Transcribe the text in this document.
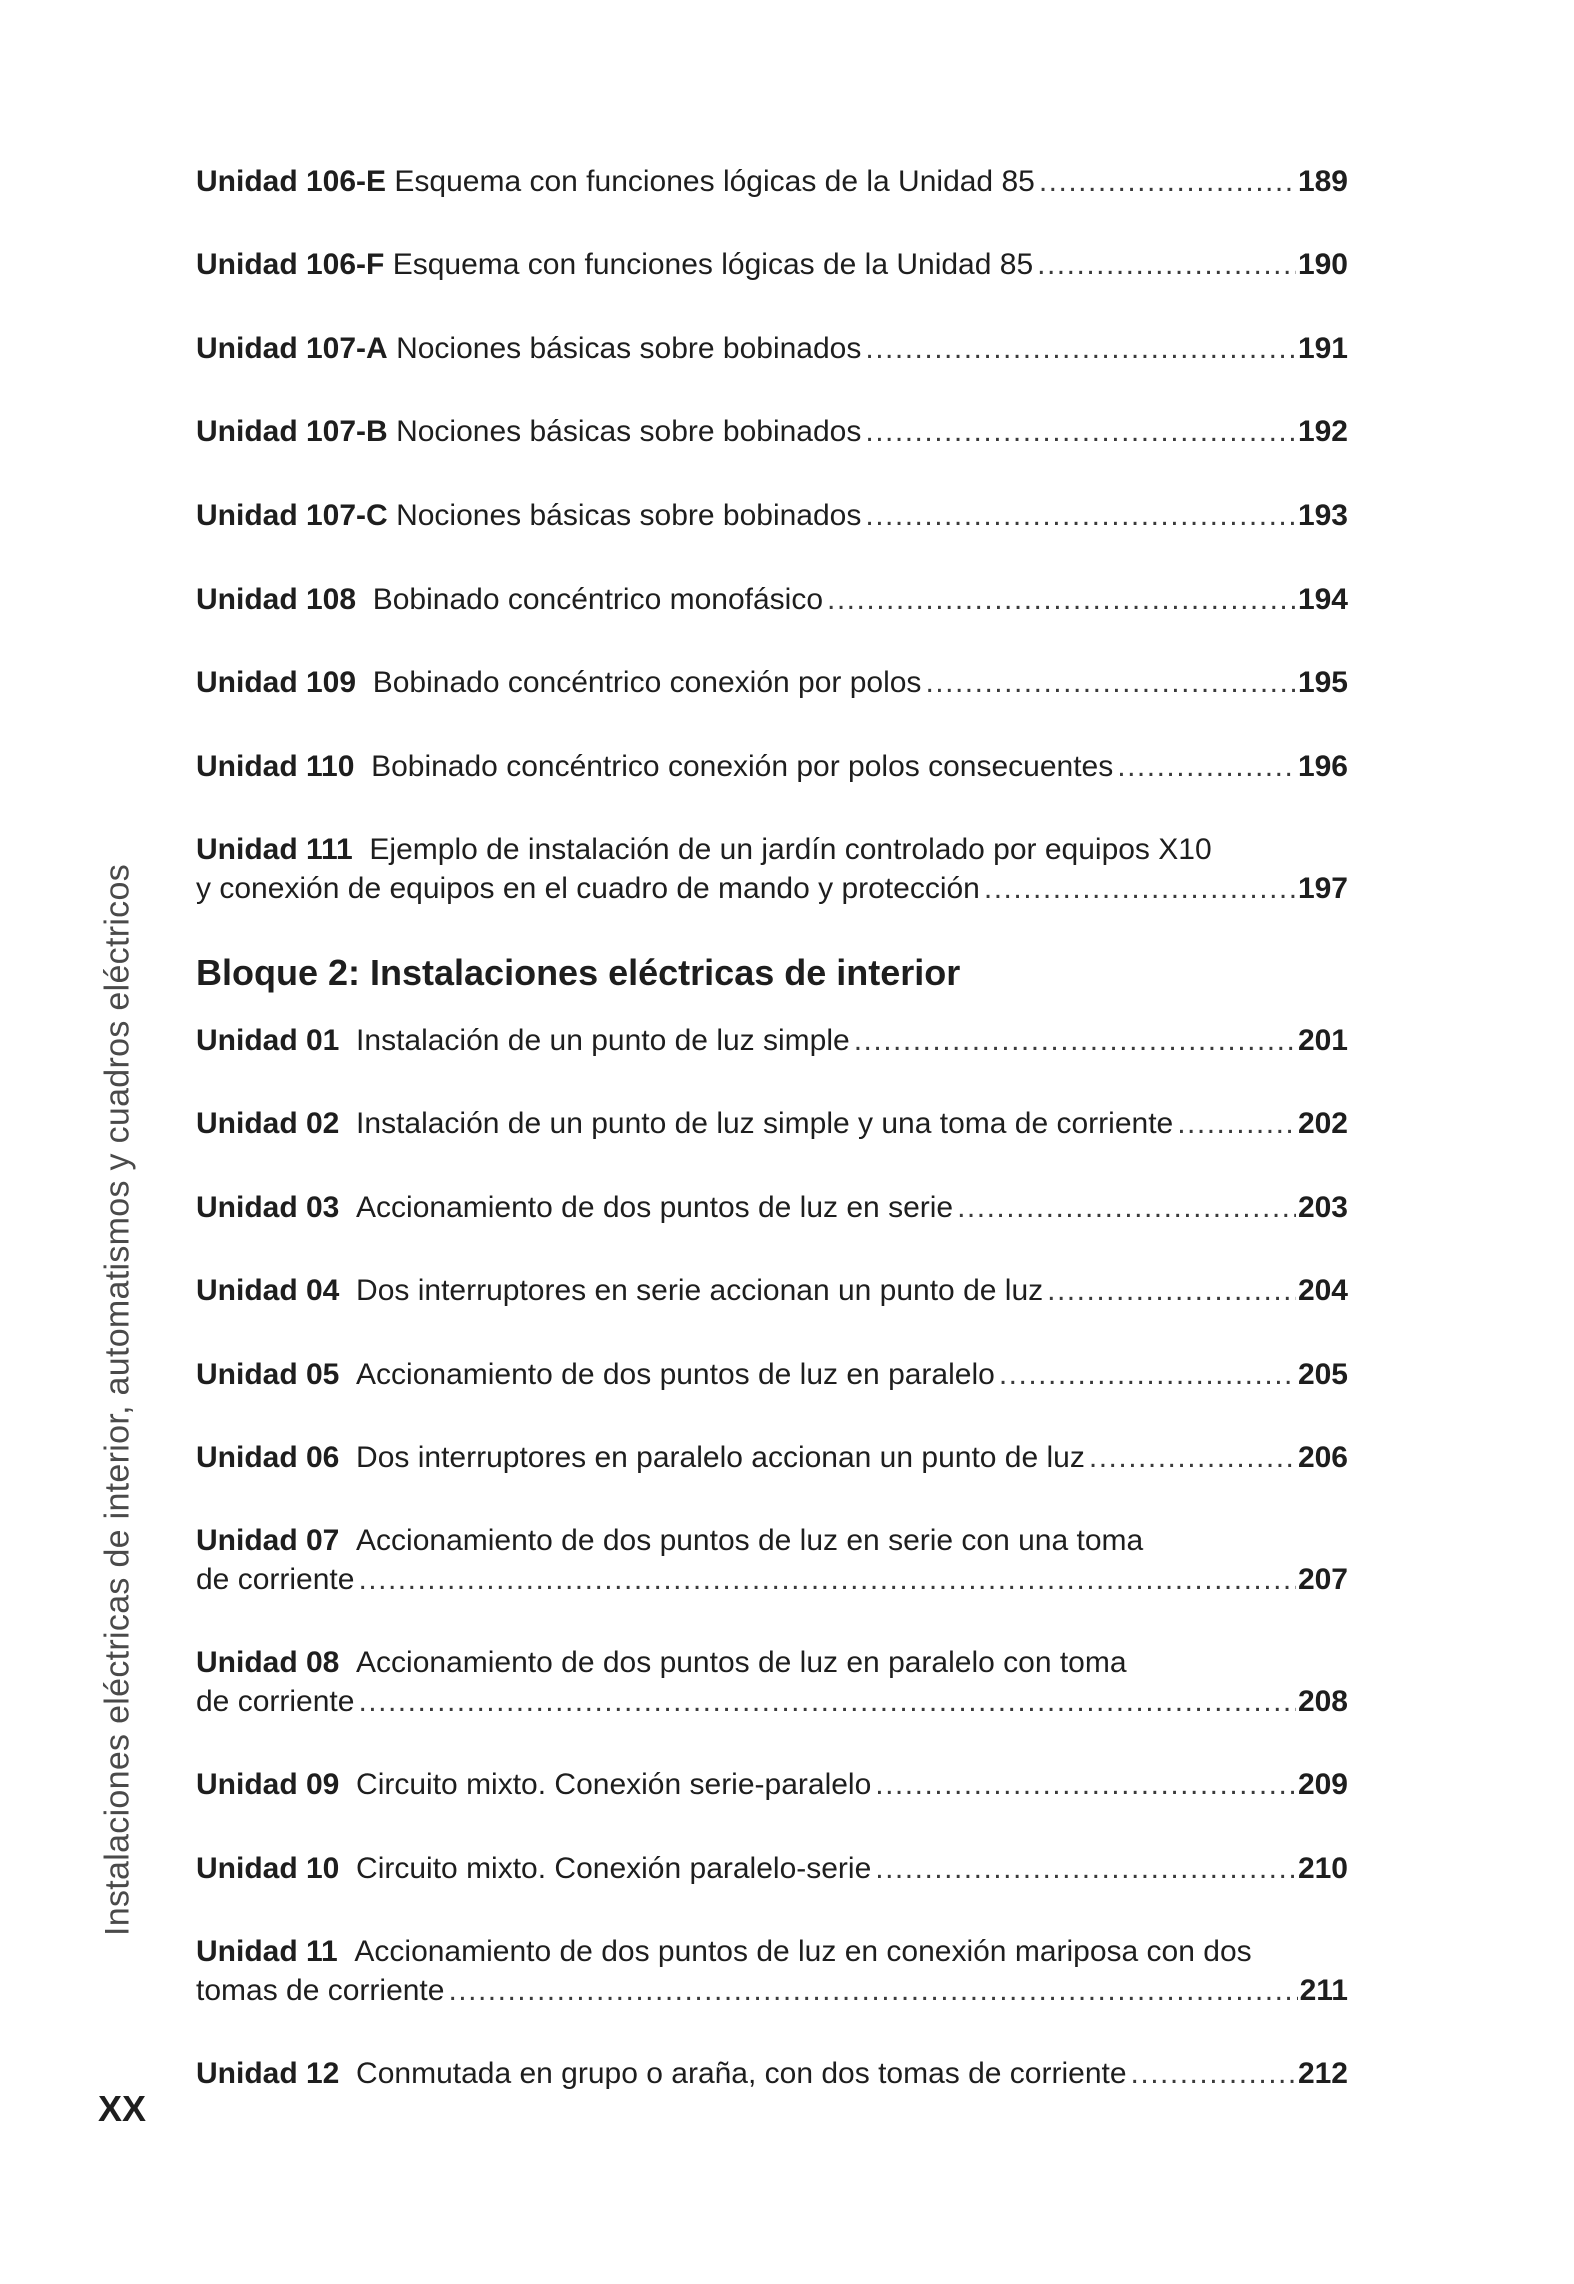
Instalaciones eléctricas de interior, automatismos y cuadros eléctricos
XX
Unidad 106-E Esquema con funciones lógicas de la Unidad 85 .....	189
Unidad 106-F Esquema con funciones lógicas de la Unidad 85 .....	190
Unidad 107-A Nociones básicas sobre bobinados .....	191
Unidad 107-B Nociones básicas sobre bobinados .....	192
Unidad 107-C Nociones básicas sobre bobinados .....	193
Unidad 108 Bobinado concéntrico monofásico .....	194
Unidad 109 Bobinado concéntrico conexión por polos .....	195
Unidad 110 Bobinado concéntrico conexión por polos consecuentes .....	196
Unidad 111 Ejemplo de instalación de un jardín controlado por equipos X10
y conexión de equipos en el cuadro de mando y protección .....	197
Bloque 2: Instalaciones eléctricas de interior
Unidad 01 Instalación de un punto de luz simple .....	201
Unidad 02 Instalación de un punto de luz simple y una toma de corriente .....	202
Unidad 03 Accionamiento de dos puntos de luz en serie .....	203
Unidad 04 Dos interruptores en serie accionan un punto de luz .....	204
Unidad 05 Accionamiento de dos puntos de luz en paralelo .....	205
Unidad 06 Dos interruptores en paralelo accionan un punto de luz .....	206
Unidad 07 Accionamiento de dos puntos de luz en serie con una toma
de corriente .....	207
Unidad 08 Accionamiento de dos puntos de luz en paralelo con toma
de corriente .....	208
Unidad 09 Circuito mixto. Conexión serie-paralelo .....	209
Unidad 10 Circuito mixto. Conexión paralelo-serie .....	210
Unidad 11 Accionamiento de dos puntos de luz en conexión mariposa con dos
tomas de corriente .....	211
Unidad 12 Conmutada en grupo o araña, con dos tomas de corriente .....	212
